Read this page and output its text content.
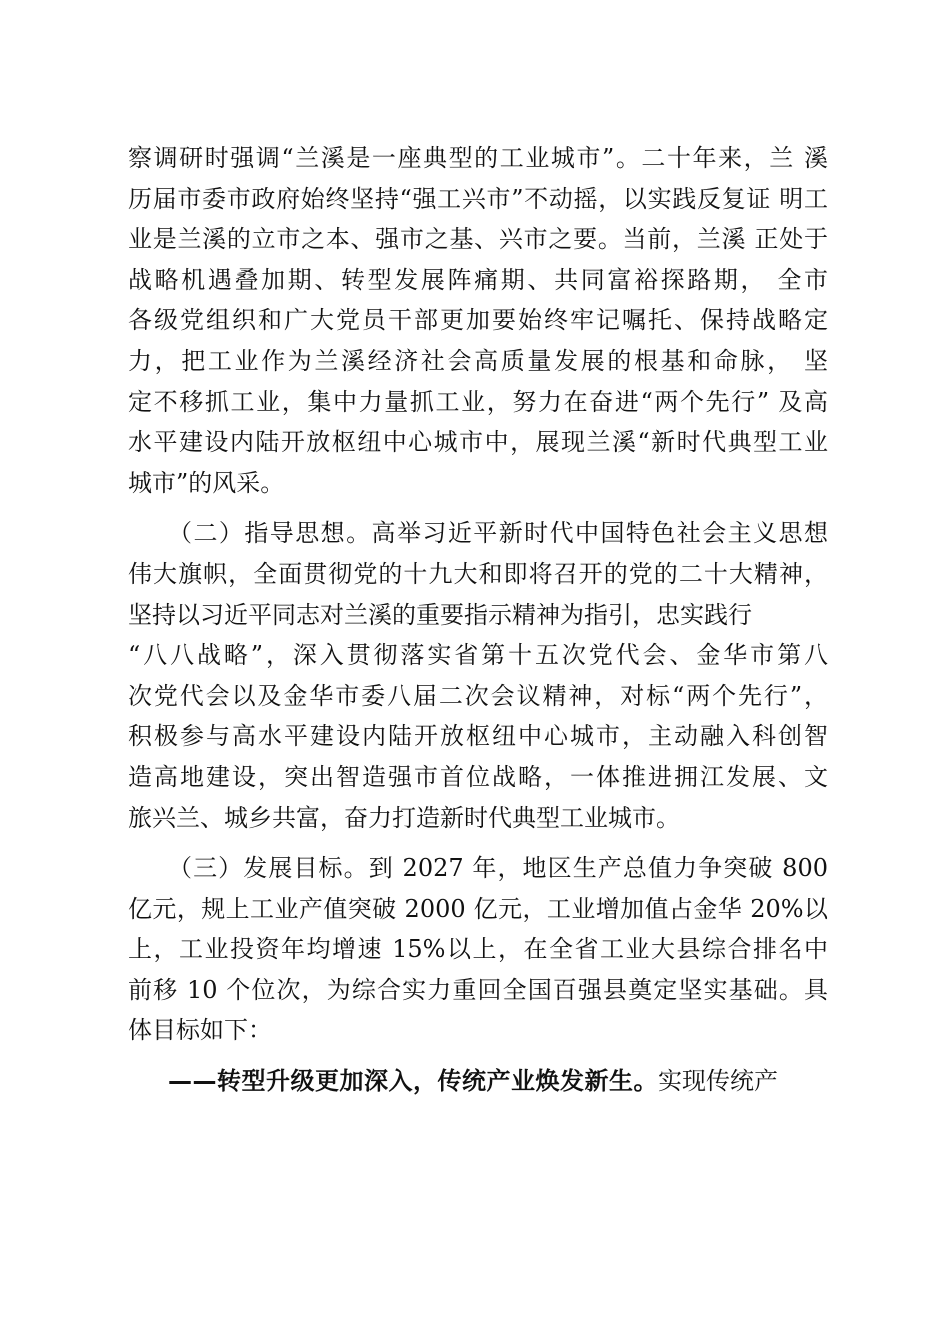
察调研时强调“兰溪是一座典型的工业城市”。二十年来，兰 溪
历届市委市政府始终坚持“强工兴市”不动摇，以实践反复证 明工
业是兰溪的立市之本、强市之基、兴市之要。当前，兰溪 正处于
战略机遇叠加期、转型发展阵痛期、共同富裕探路期， 全市
各级党组织和广大党员干部更加要始终牢记嘱托、保持战略定
力，把工业作为兰溪经济社会高质量发展的根基和命脉， 坚
定不移抓工业，集中力量抓工业，努力在奋进“两个先行” 及高
水平建设内陆开放枢纽中心城市中，展现兰溪“新时代典型工业
城市”的风采。
（二）指导思想。高举习近平新时代中国特色社会主义思想
伟大旗帜，全面贯彻党的十九大和即将召开的党的二十大精神，
坚持以习近平同志对兰溪的重要指示精神为指引，忠实践行
“八八战略”，深入贯彻落实省第十五次党代会、金华市第八
次党代会以及金华市委八届二次会议精神，对标“两个先行”，
积极参与高水平建设内陆开放枢纽中心城市，主动融入科创智
造高地建设，突出智造强市首位战略，一体推进拥江发展、文
旅兴兰、城乡共富，奋力打造新时代典型工业城市。
（三）发展目标。到 2027 年，地区生产总值力争突破 800
亿元，规上工业产值突破 2000 亿元，工业增加值占金华 20%以
上，工业投资年均增速 15%以上，在全省工业大县综合排名中
前移 10 个位次，为综合实力重回全国百强县奠定坚实基础。具
体目标如下：
——转型升级更加深入，传统产业焕发新生。实现传统产
